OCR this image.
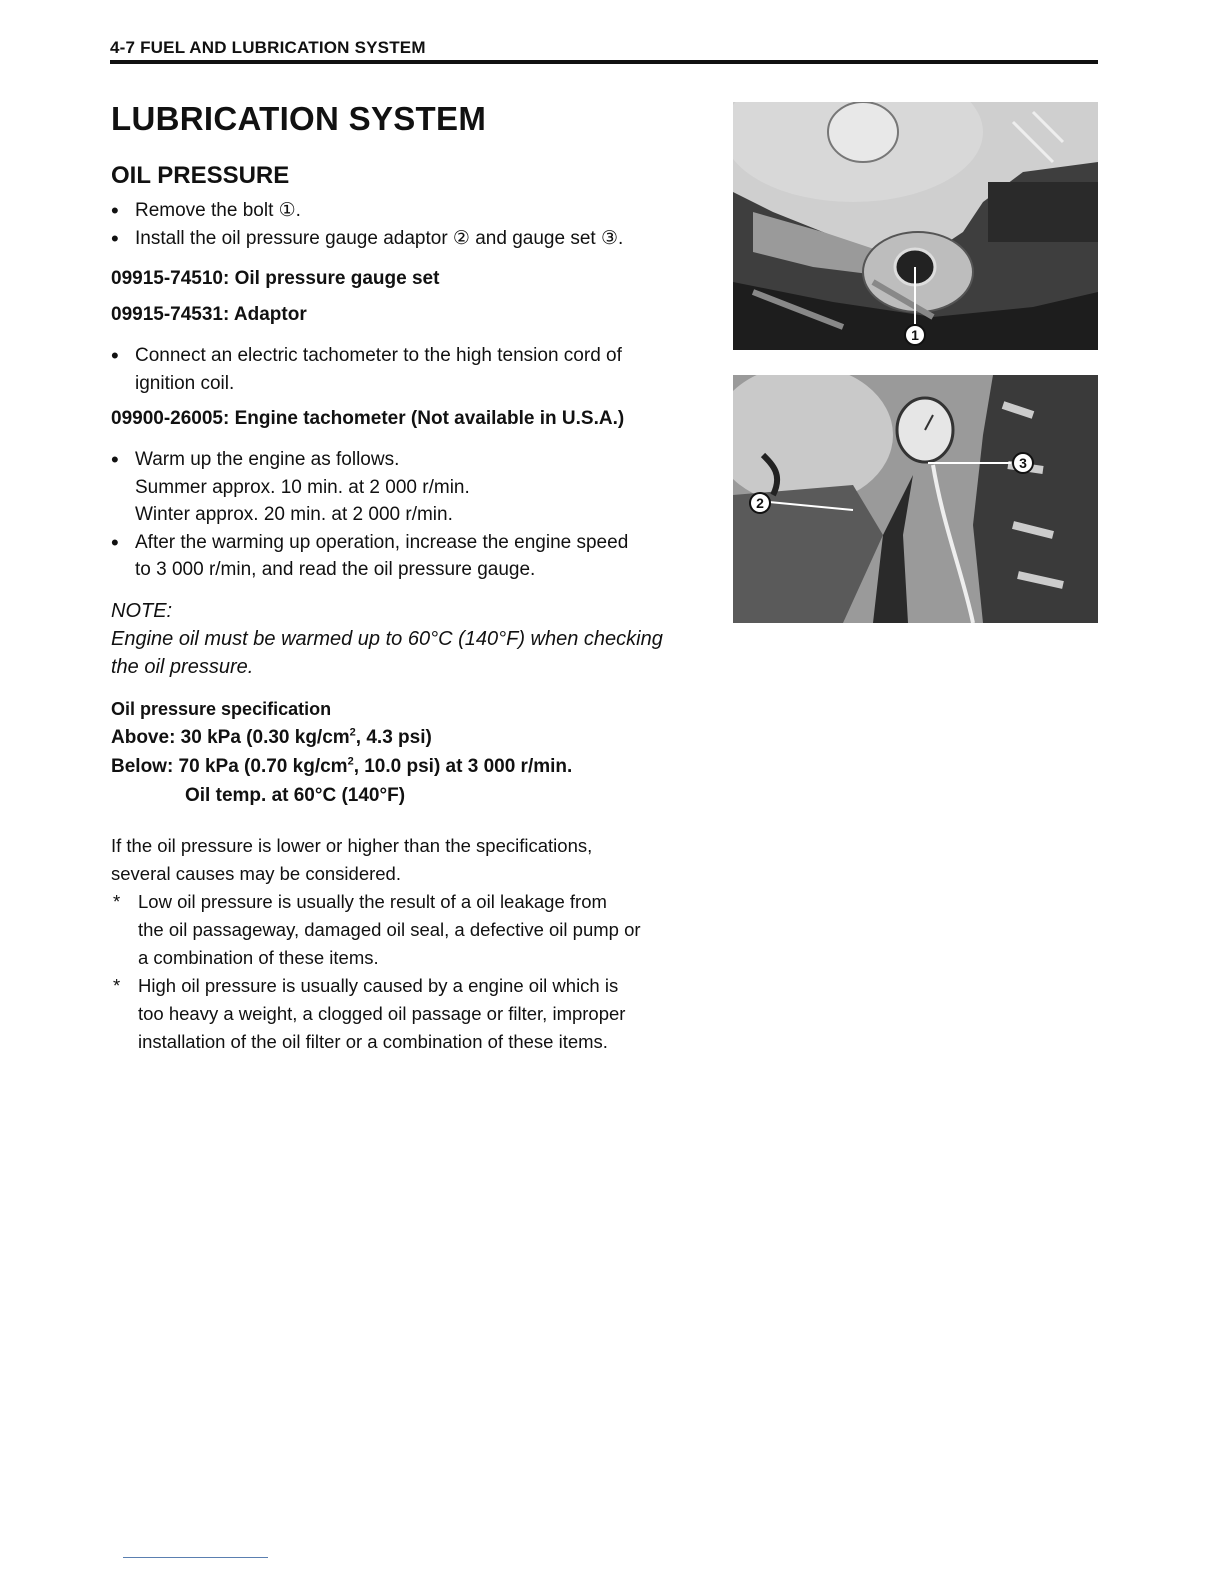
4-7 FUEL AND LUBRICATION SYSTEM
LUBRICATION SYSTEM
OIL PRESSURE
• Remove the bolt ①.
• Install the oil pressure gauge adaptor ② and gauge set ③.

09915-74510: Oil pressure gauge set

09915-74531: Adaptor

• Connect an electric tachometer to the high tension cord of
ignition coil.

09900-26005: Engine tachometer (Not available in U.S.A.)

• Warm up the engine as follows.
Summer approx. 10 min. at 2 000 r/min.
Winter approx. 20 min. at 2 000 r/min.
• After the warming up operation, increase the engine speed
to 3 000 r/min, and read the oil pressure gauge.

NOTE:

Engine oil must be warmed up to 60°C (140°F) when checking

the oil pressure.

Oil pressure specification

Above: 30 kPa (0.30 $kg/cm^2$, 4.3 psi)

Below: 70 kPa (0.70 $kg/cm^2$, 10.0 psi) at 3 000 r/min.

Oil temp. at 60°C (140°F)

If the oil pressure is lower or higher than the specifications,

several causes may be considered.

* Low oil pressure is usually the result of a oil leakage from
the oil passageway, damaged oil seal, a defective oil pump or
a combination of these items.
* High oil pressure is usually caused by a engine oil which is
too heavy a weight, a clogged oil passage or filter, improper
installation of the oil filter or a combination of these items.
1
3
2
